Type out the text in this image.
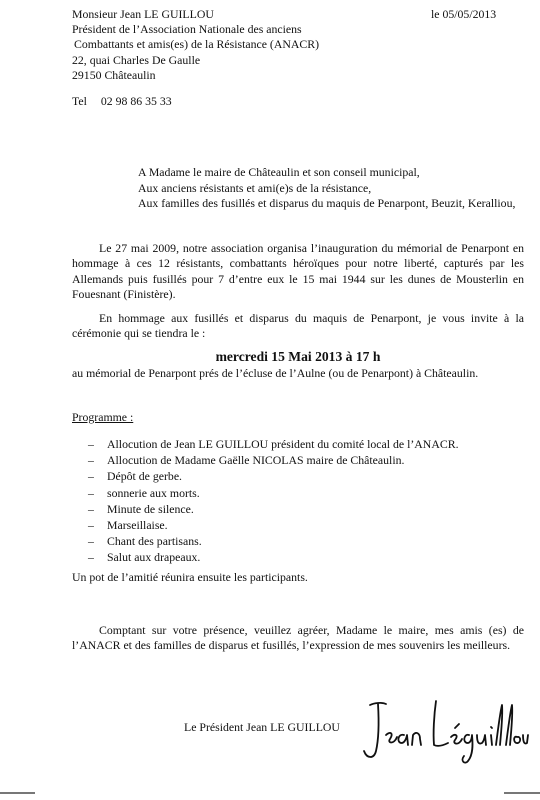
Monsieur Jean LE GUILLOU
Président de l’Association Nationale des anciens
Combattants et amis(es) de la Résistance (ANACR)
22, quai Charles De Gaulle
29150 Châteaulin
le 05/05/2013
Tel 02 98 86 35 33
A Madame le maire de Châteaulin et son conseil municipal,
Aux anciens résistants et ami(e)s de la résistance,
Aux familles des fusillés et disparus du maquis de Penarpont, Beuzit, Keralliou,
Le 27 mai 2009, notre association organisa l’inauguration du mémorial de Penarpont en hommage à ces 12 résistants, combattants héroïques pour notre liberté, capturés par les Allemands puis fusillés pour 7 d’entre eux le 15 mai 1944 sur les dunes de Mousterlin en Fouesnant (Finistère).
En hommage aux fusillés et disparus du maquis de Penarpont, je vous invite à la cérémonie qui se tiendra le :
mercredi 15 Mai 2013 à 17 h
au mémorial de Penarpont prés de l’écluse de l’Aulne (ou de Penarpont) à Châteaulin.
Programme :
– Allocution de Jean LE GUILLOU président du comité local de l’ANACR.
– Allocution de Madame Gaëlle NICOLAS maire de Châteaulin.
– Dépôt de gerbe.
– sonnerie aux morts.
– Minute de silence.
– Marseillaise.
– Chant des partisans.
– Salut aux drapeaux.
Un pot de l’amitié réunira ensuite les participants.
Comptant sur votre présence, veuillez agréer, Madame le maire, mes amis (es) de l’ANACR et des familles de disparus et fusillés, l’expression de mes souvenirs les meilleurs.
Le Président Jean LE GUILLOU
